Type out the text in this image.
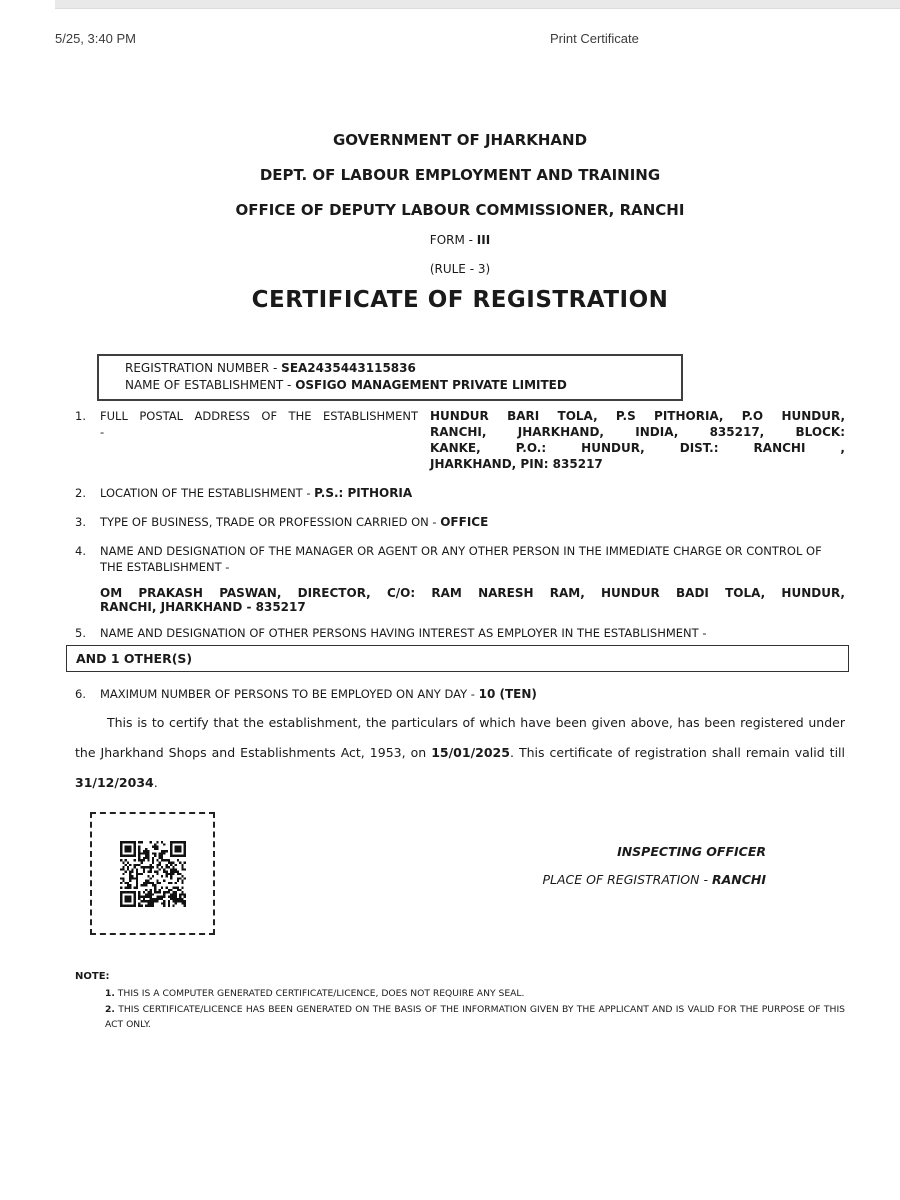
5/25, 3:40 PM	Print Certificate
GOVERNMENT OF JHARKHAND
DEPT. OF LABOUR EMPLOYMENT AND TRAINING
OFFICE OF DEPUTY LABOUR COMMISSIONER, RANCHI
FORM - III
(RULE - 3)
CERTIFICATE OF REGISTRATION
REGISTRATION NUMBER - SEA2435443115836
NAME OF ESTABLISHMENT - OSFIGO MANAGEMENT PRIVATE LIMITED
1.	FULL POSTAL ADDRESS OF THE ESTABLISHMENT
-
HUNDUR BARI TOLA, P.S PITHORIA, P.O HUNDUR,
RANCHI, JHARKHAND, INDIA, 835217, BLOCK:
KANKE, P.O.: HUNDUR, DIST.: RANCHI ,
JHARKHAND, PIN: 835217
2.	LOCATION OF THE ESTABLISHMENT - P.S.: PITHORIA
3.	TYPE OF BUSINESS, TRADE OR PROFESSION CARRIED ON - OFFICE
4.	NAME AND DESIGNATION OF THE MANAGER OR AGENT OR ANY OTHER PERSON IN THE IMMEDIATE CHARGE OR CONTROL OF THE ESTABLISHMENT -
OM PRAKASH PASWAN, DIRECTOR, C/O: RAM NARESH RAM, HUNDUR BADI TOLA, HUNDUR,
RANCHI, JHARKHAND - 835217
5.	NAME AND DESIGNATION OF OTHER PERSONS HAVING INTEREST AS EMPLOYER IN THE ESTABLISHMENT -
AND 1 OTHER(S)
6.	MAXIMUM NUMBER OF PERSONS TO BE EMPLOYED ON ANY DAY - 10 (TEN)

This is to certify that the establishment, the particulars of which have been given above, has been registered under the Jharkhand Shops and Establishments Act, 1953, on 15/01/2025. This certificate of registration shall remain valid till 31/12/2034.

INSPECTING OFFICER
PLACE OF REGISTRATION - RANCHI
NOTE:
1. THIS IS A COMPUTER GENERATED CERTIFICATE/LICENCE, DOES NOT REQUIRE ANY SEAL.
2. THIS CERTIFICATE/LICENCE HAS BEEN GENERATED ON THE BASIS OF THE INFORMATION GIVEN BY THE APPLICANT AND IS VALID FOR THE PURPOSE OF THIS ACT ONLY.
